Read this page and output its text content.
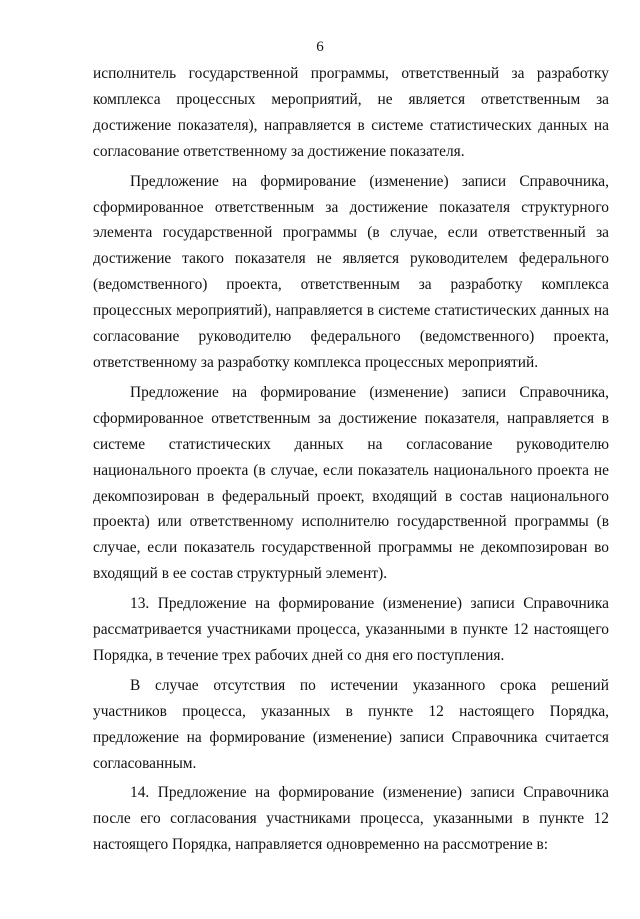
6

исполнитель государственной программы, ответственный за разработку комплекса процессных мероприятий, не является ответственным за достижение показателя), направляется в системе статистических данных на согласование ответственному за достижение показателя.

Предложение на формирование (изменение) записи Справочника, сформированное ответственным за достижение показателя структурного элемента государственной программы (в случае, если ответственный за достижение такого показателя не является руководителем федерального (ведомственного) проекта, ответственным за разработку комплекса процессных мероприятий), направляется в системе статистических данных на согласование руководителю федерального (ведомственного) проекта, ответственному за разработку комплекса процессных мероприятий.

Предложение на формирование (изменение) записи Справочника, сформированное ответственным за достижение показателя, направляется в системе статистических данных на согласование руководителю национального проекта (в случае, если показатель национального проекта не декомпозирован в федеральный проект, входящий в состав национального проекта) или ответственному исполнителю государственной программы (в случае, если показатель государственной программы не декомпозирован во входящий в ее состав структурный элемент).

13. Предложение на формирование (изменение) записи Справочника рассматривается участниками процесса, указанными в пункте 12 настоящего Порядка, в течение трех рабочих дней со дня его поступления.

В случае отсутствия по истечении указанного срока решений участников процесса, указанных в пункте 12 настоящего Порядка, предложение на формирование (изменение) записи Справочника считается согласованным.

14. Предложение на формирование (изменение) записи Справочника после его согласования участниками процесса, указанными в пункте 12 настоящего Порядка, направляется одновременно на рассмотрение в:
